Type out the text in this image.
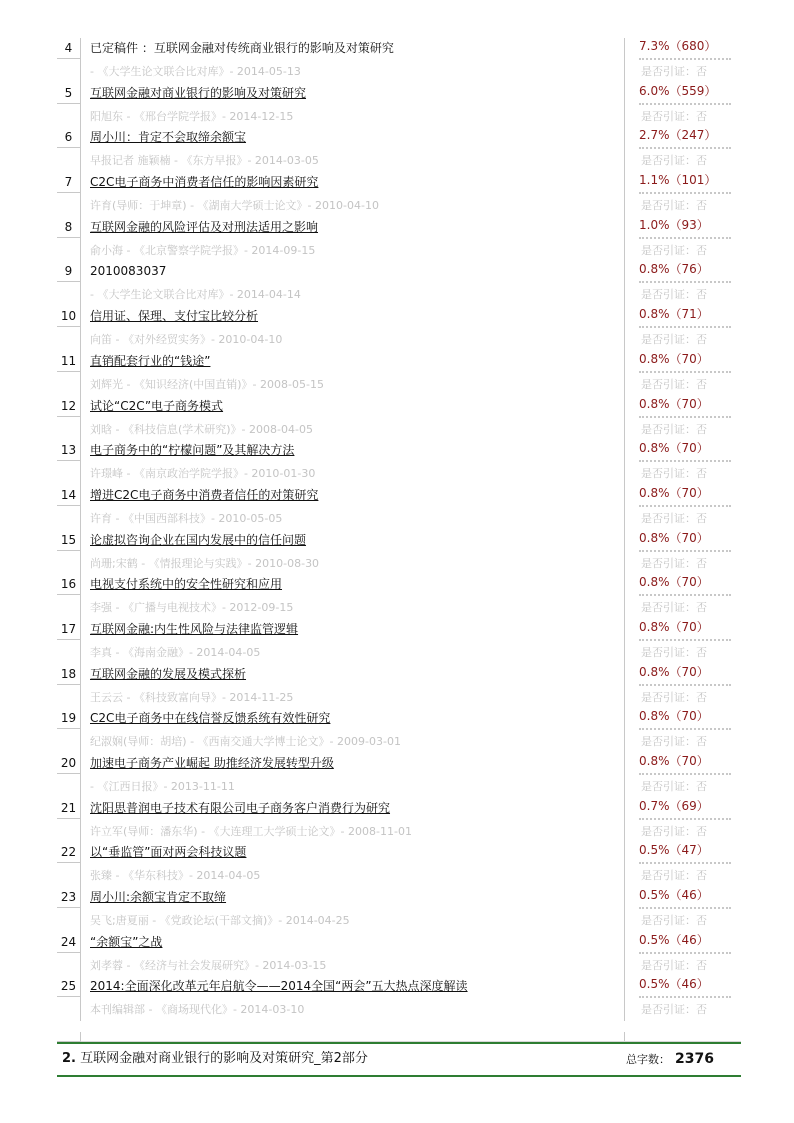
4	已定稿件 ：互联网金融对传统商业银行的影响及对策研究
- 《大学生论文联合比对库》- 2014-05-13
7.3%（680）
是否引证：否
5	互联网金融对商业银行的影响及对策研究
阳旭东 - 《邢台学院学报》- 2014-12-15
6.0%（559）
是否引证：否
6	周小川：肯定不会取缔余额宝
早报记者 施颖楠 - 《东方早报》- 2014-03-05
2.7%（247）
是否引证：否
7	C2C电子商务中消费者信任的影响因素研究
许育(导师：于坤章) - 《湖南大学硕士论文》- 2010-04-10
1.1%（101）
是否引证：否
8	互联网金融的风险评估及对刑法适用之影响
俞小海 - 《北京警察学院学报》- 2014-09-15
1.0%（93）
是否引证：否
9	2010083037
- 《大学生论文联合比对库》- 2014-04-14
0.8%（76）
是否引证：否
10	信用证、保理、支付宝比较分析
向笛 - 《对外经贸实务》- 2010-04-10
0.8%（71）
是否引证：否
11	直销配套行业的“钱途”
刘辉光 - 《知识经济(中国直销)》- 2008-05-15
0.8%（70）
是否引证：否
12	试论“C2C”电子商务模式
刘晗 - 《科技信息(学术研究)》- 2008-04-05
0.8%（70）
是否引证：否
13	电子商务中的“柠檬问题”及其解决方法
许璟峰 - 《南京政治学院学报》- 2010-01-30
0.8%（70）
是否引证：否
14	增进C2C电子商务中消费者信任的对策研究
许育 - 《中国西部科技》- 2010-05-05
0.8%（70）
是否引证：否
15	论虚拟咨询企业在国内发展中的信任问题
尚珊;宋鹤 - 《情报理论与实践》- 2010-08-30
0.8%（70）
是否引证：否
16	电视支付系统中的安全性研究和应用
李强 - 《广播与电视技术》- 2012-09-15
0.8%（70）
是否引证：否
17	互联网金融:内生性风险与法律监管逻辑
李真 - 《海南金融》- 2014-04-05
0.8%（70）
是否引证：否
18	互联网金融的发展及模式探析
王云云 - 《科技致富向导》- 2014-11-25
0.8%（70）
是否引证：否
19	C2C电子商务中在线信誉反馈系统有效性研究
纪淑娴(导师：胡培) - 《西南交通大学博士论文》- 2009-03-01
0.8%（70）
是否引证：否
20	加速电子商务产业崛起 助推经济发展转型升级
- 《江西日报》- 2013-11-11
0.8%（70）
是否引证：否
21	沈阳思普润电子技术有限公司电子商务客户消费行为研究
许立军(导师：潘东华) - 《大连理工大学硕士论文》- 2008-11-01
0.7%（69）
是否引证：否
22	以“垂监管”面对两会科技议题
张臻 - 《华东科技》- 2014-04-05
0.5%（47）
是否引证：否
23	周小川:余额宝肯定不取缔
吴飞;唐夏丽 - 《党政论坛(干部文摘)》- 2014-04-25
0.5%（46）
是否引证：否
24	“余额宝”之战
刘孝蓉 - 《经济与社会发展研究》- 2014-03-15
0.5%（46）
是否引证：否
25	2014:全面深化改革元年启航令——2014全国“两会”五大热点深度解读
本刊编辑部 - 《商场现代化》- 2014-03-10
0.5%（46）
是否引证：否
2. 互联网金融对商业银行的影响及对策研究_第2部分	总字数： 2376
